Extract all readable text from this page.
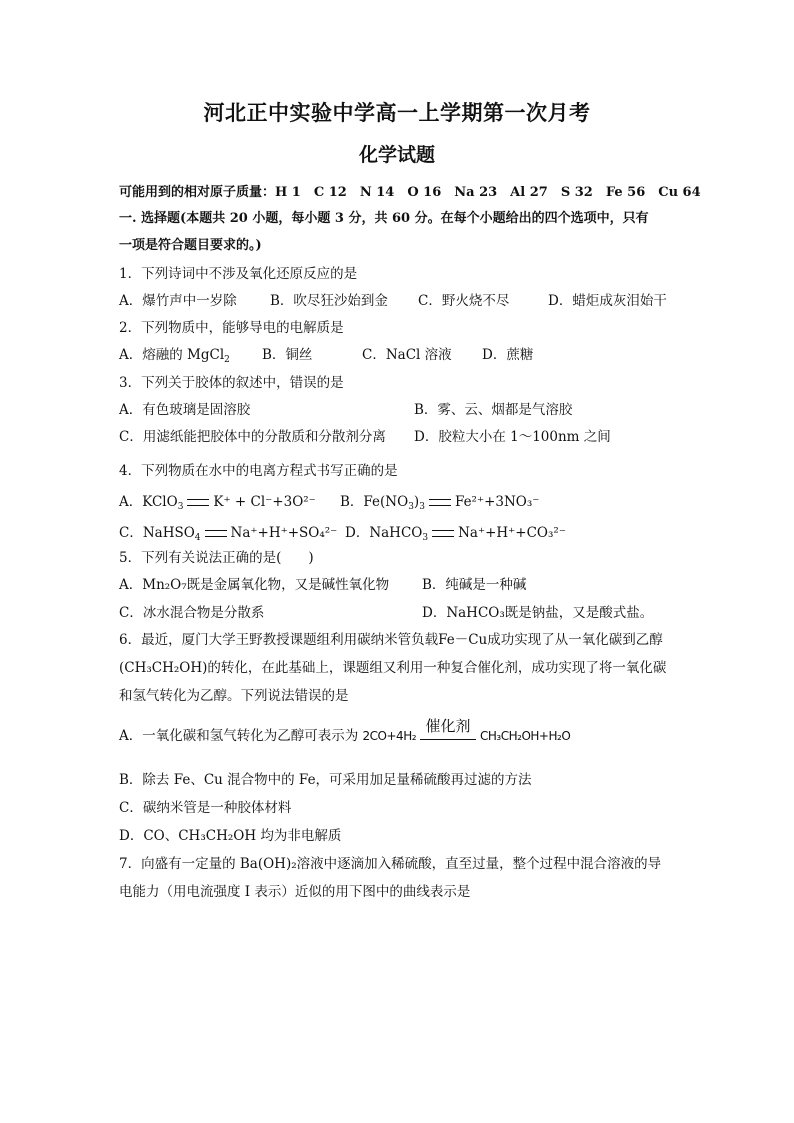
河北正中实验中学高一上学期第一次月考
化学试题
可能用到的相对原子质量：H 1　C 12　N 14　O 16　Na 23　Al 27　S 32　Fe 56　Cu 64
一. 选择题(本题共 20 小题，每小题 3 分，共 60 分。在每个小题给出的四个选项中，只有
一项是符合题目要求的。)
1．下列诗词中不涉及氧化还原反应的是
A．爆竹声中一岁除 B．吹尽狂沙始到金 C．野火烧不尽	D．蜡炬成灰泪始干
2．下列物质中，能够导电的电解质是
A．熔融的 MgCl$_2$ B．铜丝	C．NaCl 溶液 D．蔗糖
3．下列关于胶体的叙述中，错误的是
A．有色玻璃是固溶胶	B．雾、云、烟都是气溶胶
C．用滤纸能把胶体中的分散质和分散剂分离 D．胶粒大小在 1～100nm 之间
4．下列物质在水中的电离方程式书写正确的是
A．KClO$_3$ K⁺ + Cl⁻+3O²⁻ B．$Fe(NO_3)_3$ Fe²⁺+3NO₃⁻
C．NaHSO$_4$ Na⁺+H⁺+SO₄²⁻ D．NaHCO$_3$ Na⁺+H⁺+CO₃²⁻
5．下列有关说法正确的是(　　)
A．Mn₂O₇既是金属氧化物，又是碱性氧化物 B．纯碱是一种碱
C．冰水混合物是分散系	D．NaHCO₃既是钠盐，又是酸式盐。
6．最近，厦门大学王野教授课题组利用碳纳米管负载Fe－Cu成功实现了从一氧化碳到乙醇
(CH₃CH₂OH)的转化，在此基础上，课题组又利用一种复合催化剂，成功实现了将一氧化碳
和氢气转化为乙醇。下列说法错误的是
A．一氧化碳和氢气转化为乙醇可表示为 2CO+4H₂
催化剂
CH₃CH₂OH+H₂O
B．除去 Fe、Cu 混合物中的 Fe，可采用加足量稀硫酸再过滤的方法
C．碳纳米管是一种胶体材料
D．CO、CH₃CH₂OH 均为非电解质
7．向盛有一定量的 Ba(OH)₂溶液中逐滴加入稀硫酸，直至过量，整个过程中混合溶液的导
电能力（用电流强度 I 表示）近似的用下图中的曲线表示是
